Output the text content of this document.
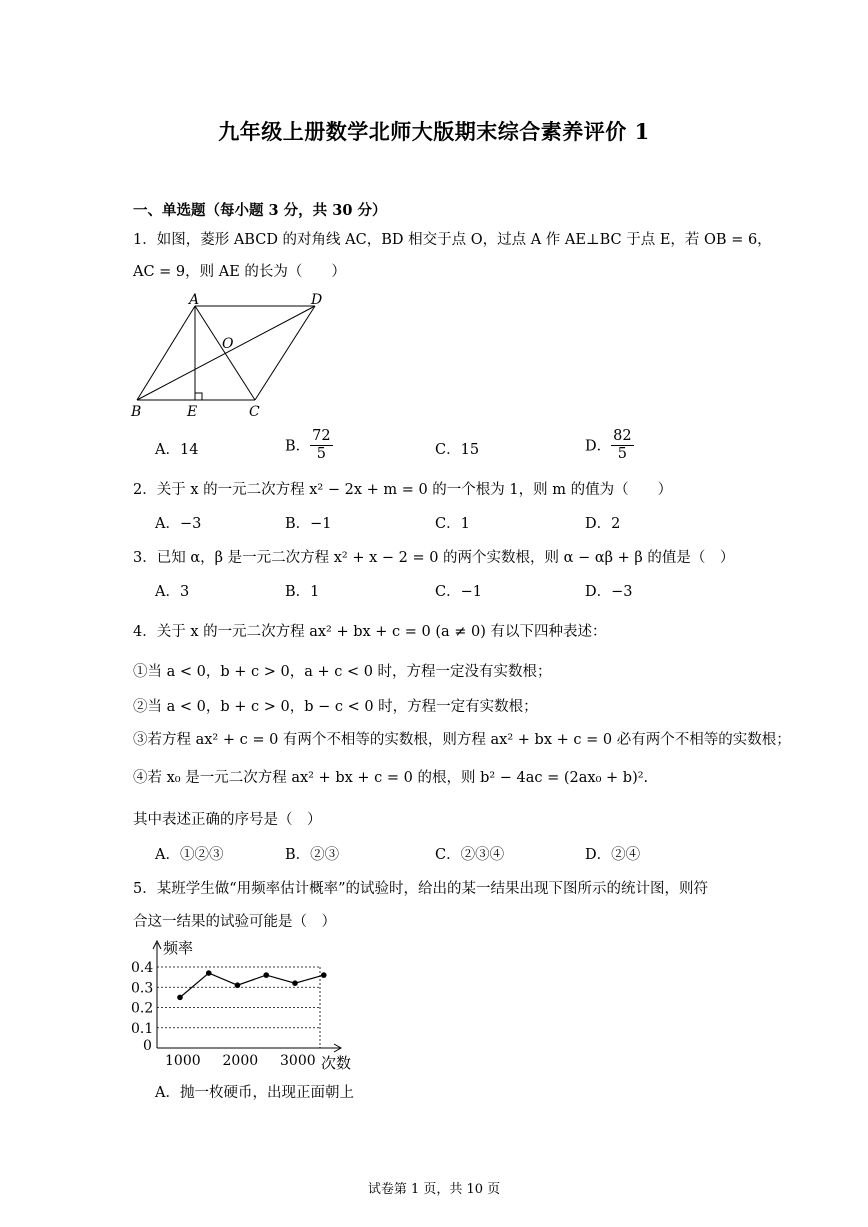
九年级上册数学北师大版期末综合素养评价 1
一、单选题（每小题 3 分，共 30 分）
1．如图，菱形 ABCD 的对角线 AC，BD 相交于点 O，过点 A 作 AE⊥BC 于点 E，若 OB = 6，
AC = 9，则 AE 的长为（　　）
A	D
O
B	E	C
A．14	B． $\frac{72}{5}$	C．15	D． $\frac{82}{5}$
2．关于 x 的一元二次方程 x² − 2x + m = 0 的一个根为 1，则 m 的值为（　　）
A．−3	B．−1	C．1	D．2
3．已知 α，β 是一元二次方程 x² + x − 2 = 0 的两个实数根，则 α − αβ + β 的值是（　）
A．3	B．1	C．−1	D．−3
4．关于 x 的一元二次方程 ax² + bx + c = 0 (a ≠ 0) 有以下四种表述：
①当 a < 0，b + c > 0，a + c < 0 时，方程一定没有实数根；
②当 a < 0，b + c > 0，b − c < 0 时，方程一定有实数根；
③若方程 ax² + c = 0 有两个不相等的实数根，则方程 ax² + bx + c = 0 必有两个不相等的实数根；
④若 x₀ 是一元二次方程 ax² + bx + c = 0 的根，则 b² − 4ac = (2ax₀ + b)².
其中表述正确的序号是（　）
A．①②③	B．②③	C．②③④	D．②④
5．某班学生做“用频率估计概率”的试验时，给出的某一结果出现下图所示的统计图，则符
合这一结果的试验可能是（　）
0
0.1
0.2
0.3
0.4
1000 2000 3000
频率
次数
A．抛一枚硬币，出现正面朝上
试卷第 1 页，共 10 页
